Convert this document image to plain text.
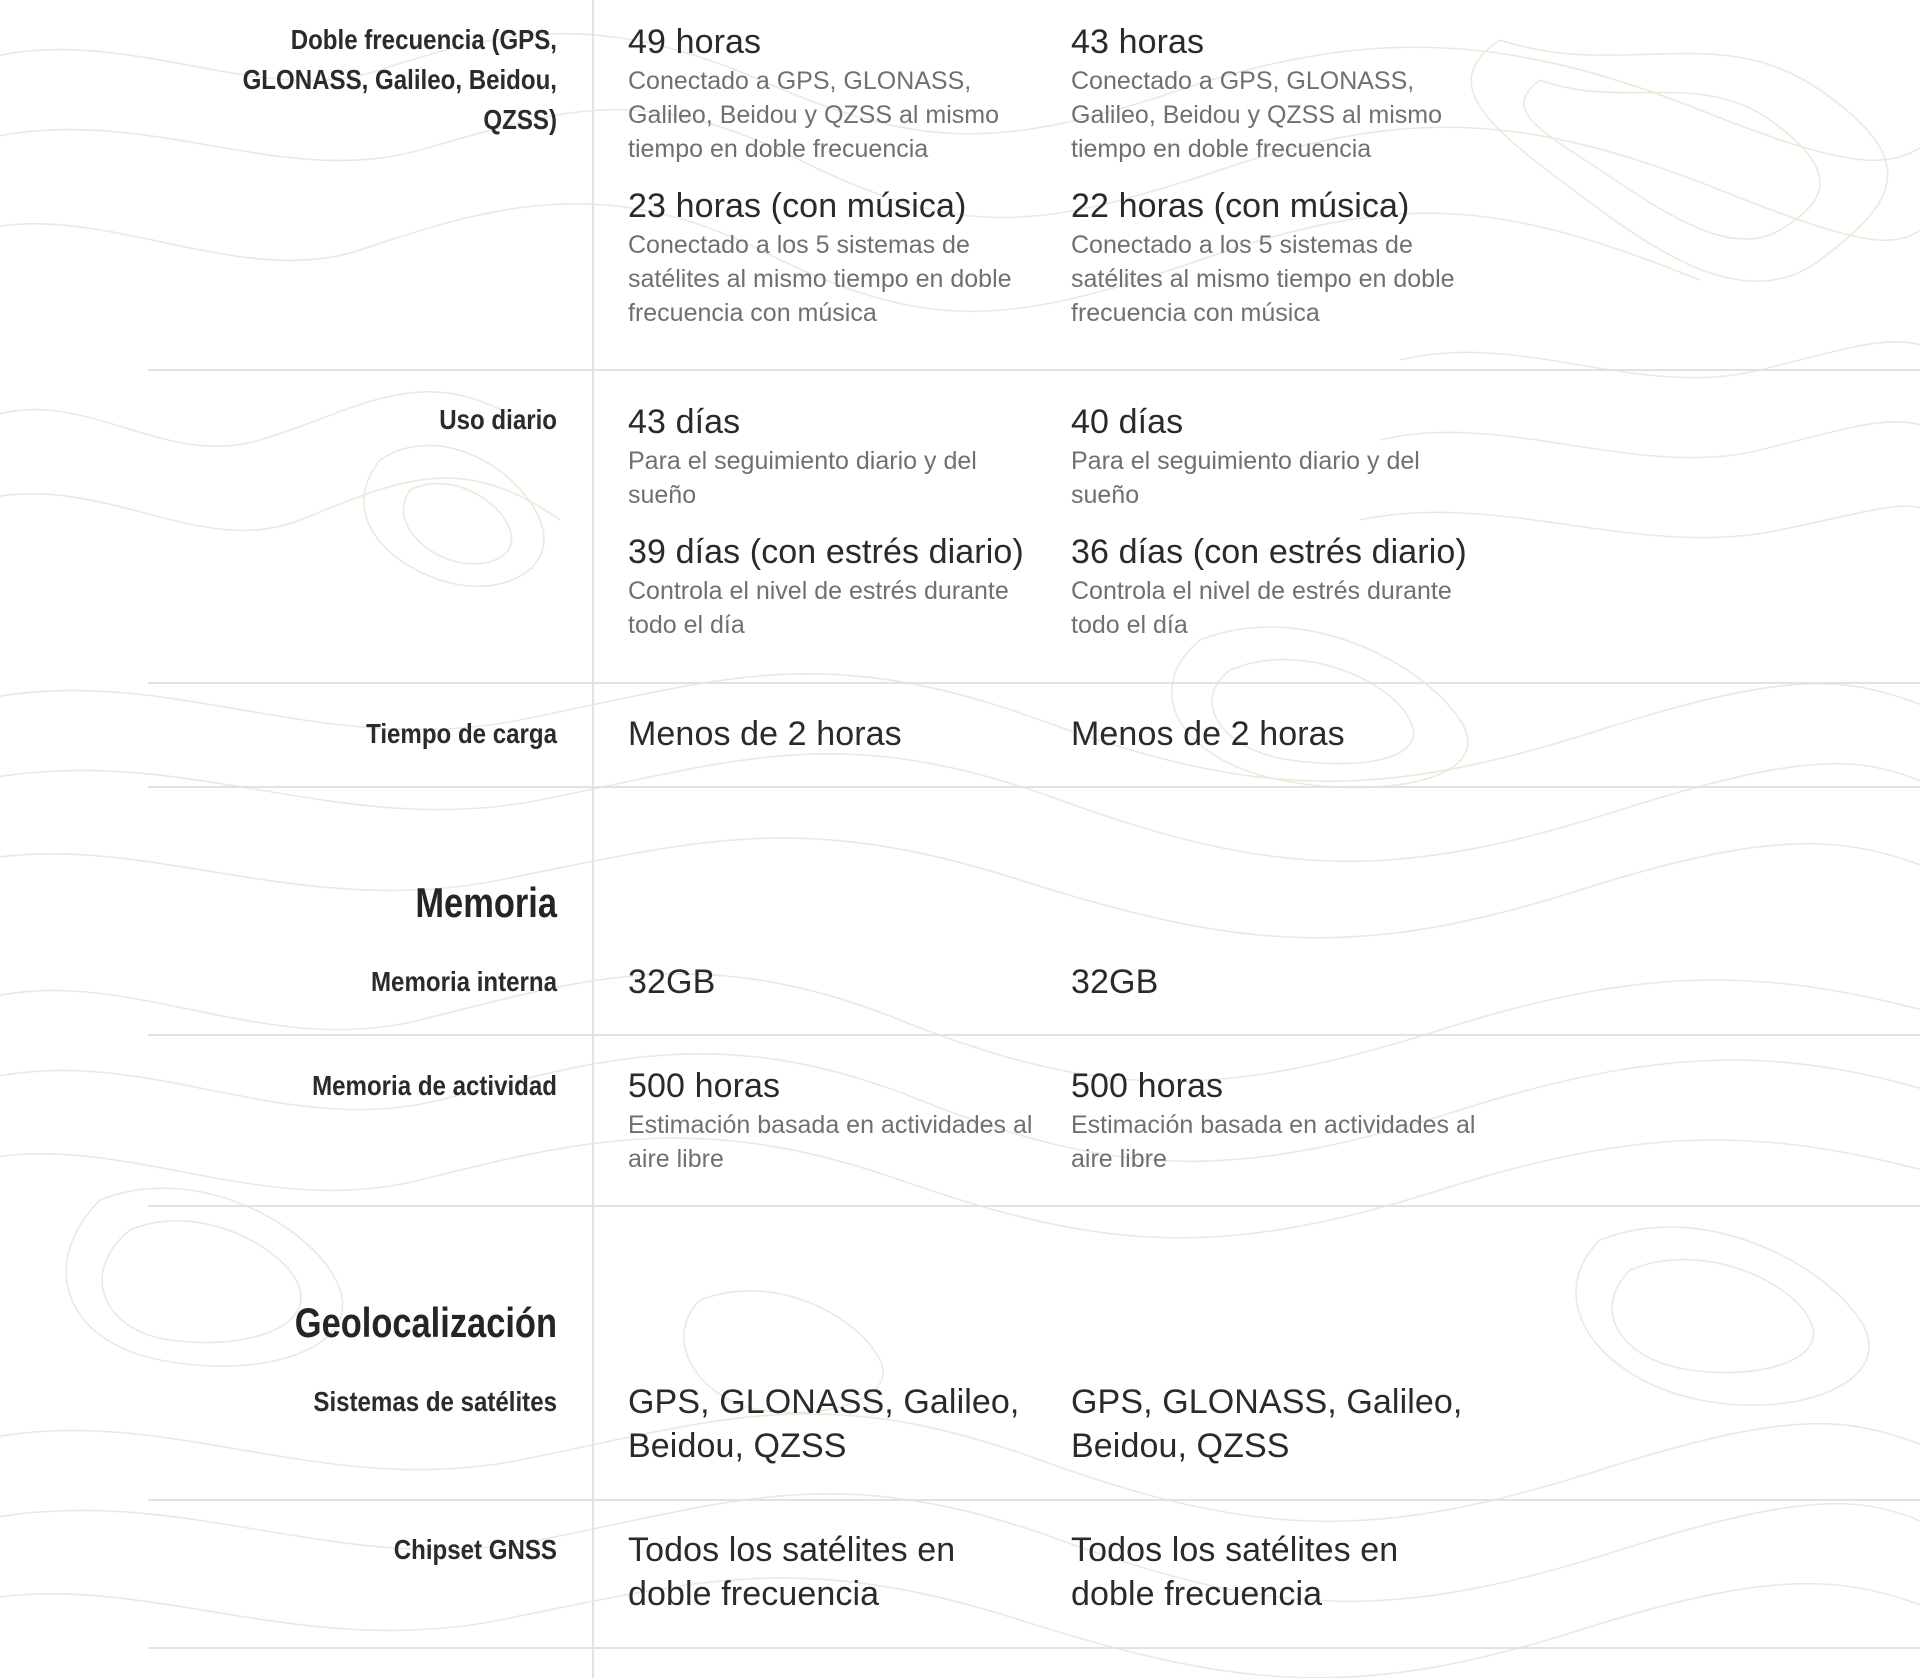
Doble frecuencia (GPS, GLONASS, Galileo, Beidou, QZSS)
49 horas
Conectado a GPS, GLONASS, Galileo, Beidou y QZSS al mismo tiempo en doble frecuencia
23 horas (con música)
Conectado a los 5 sistemas de satélites al mismo tiempo en doble frecuencia con música
43 horas
Conectado a GPS, GLONASS, Galileo, Beidou y QZSS al mismo tiempo en doble frecuencia
22 horas (con música)
Conectado a los 5 sistemas de satélites al mismo tiempo en doble frecuencia con música
Uso diario 43 días
Para el seguimiento diario y del sueño
39 días (con estrés diario)
Controla el nivel de estrés durante todo el día
40 días
Para el seguimiento diario y del sueño
36 días (con estrés diario)
Controla el nivel de estrés durante todo el día
Tiempo de carga Menos de 2 horas	Menos de 2 horas
Memoria
Memoria interna 32GB	32GB
Memoria de actividad 500 horas
Estimación basada en actividades al aire libre
500 horas
Estimación basada en actividades al aire libre
Geolocalización
Sistemas de satélites GPS, GLONASS, Galileo, Beidou, QZSS
GPS, GLONASS, Galileo, Beidou, QZSS
Chipset GNSS Todos los satélites en doble frecuencia
Todos los satélites en doble frecuencia
